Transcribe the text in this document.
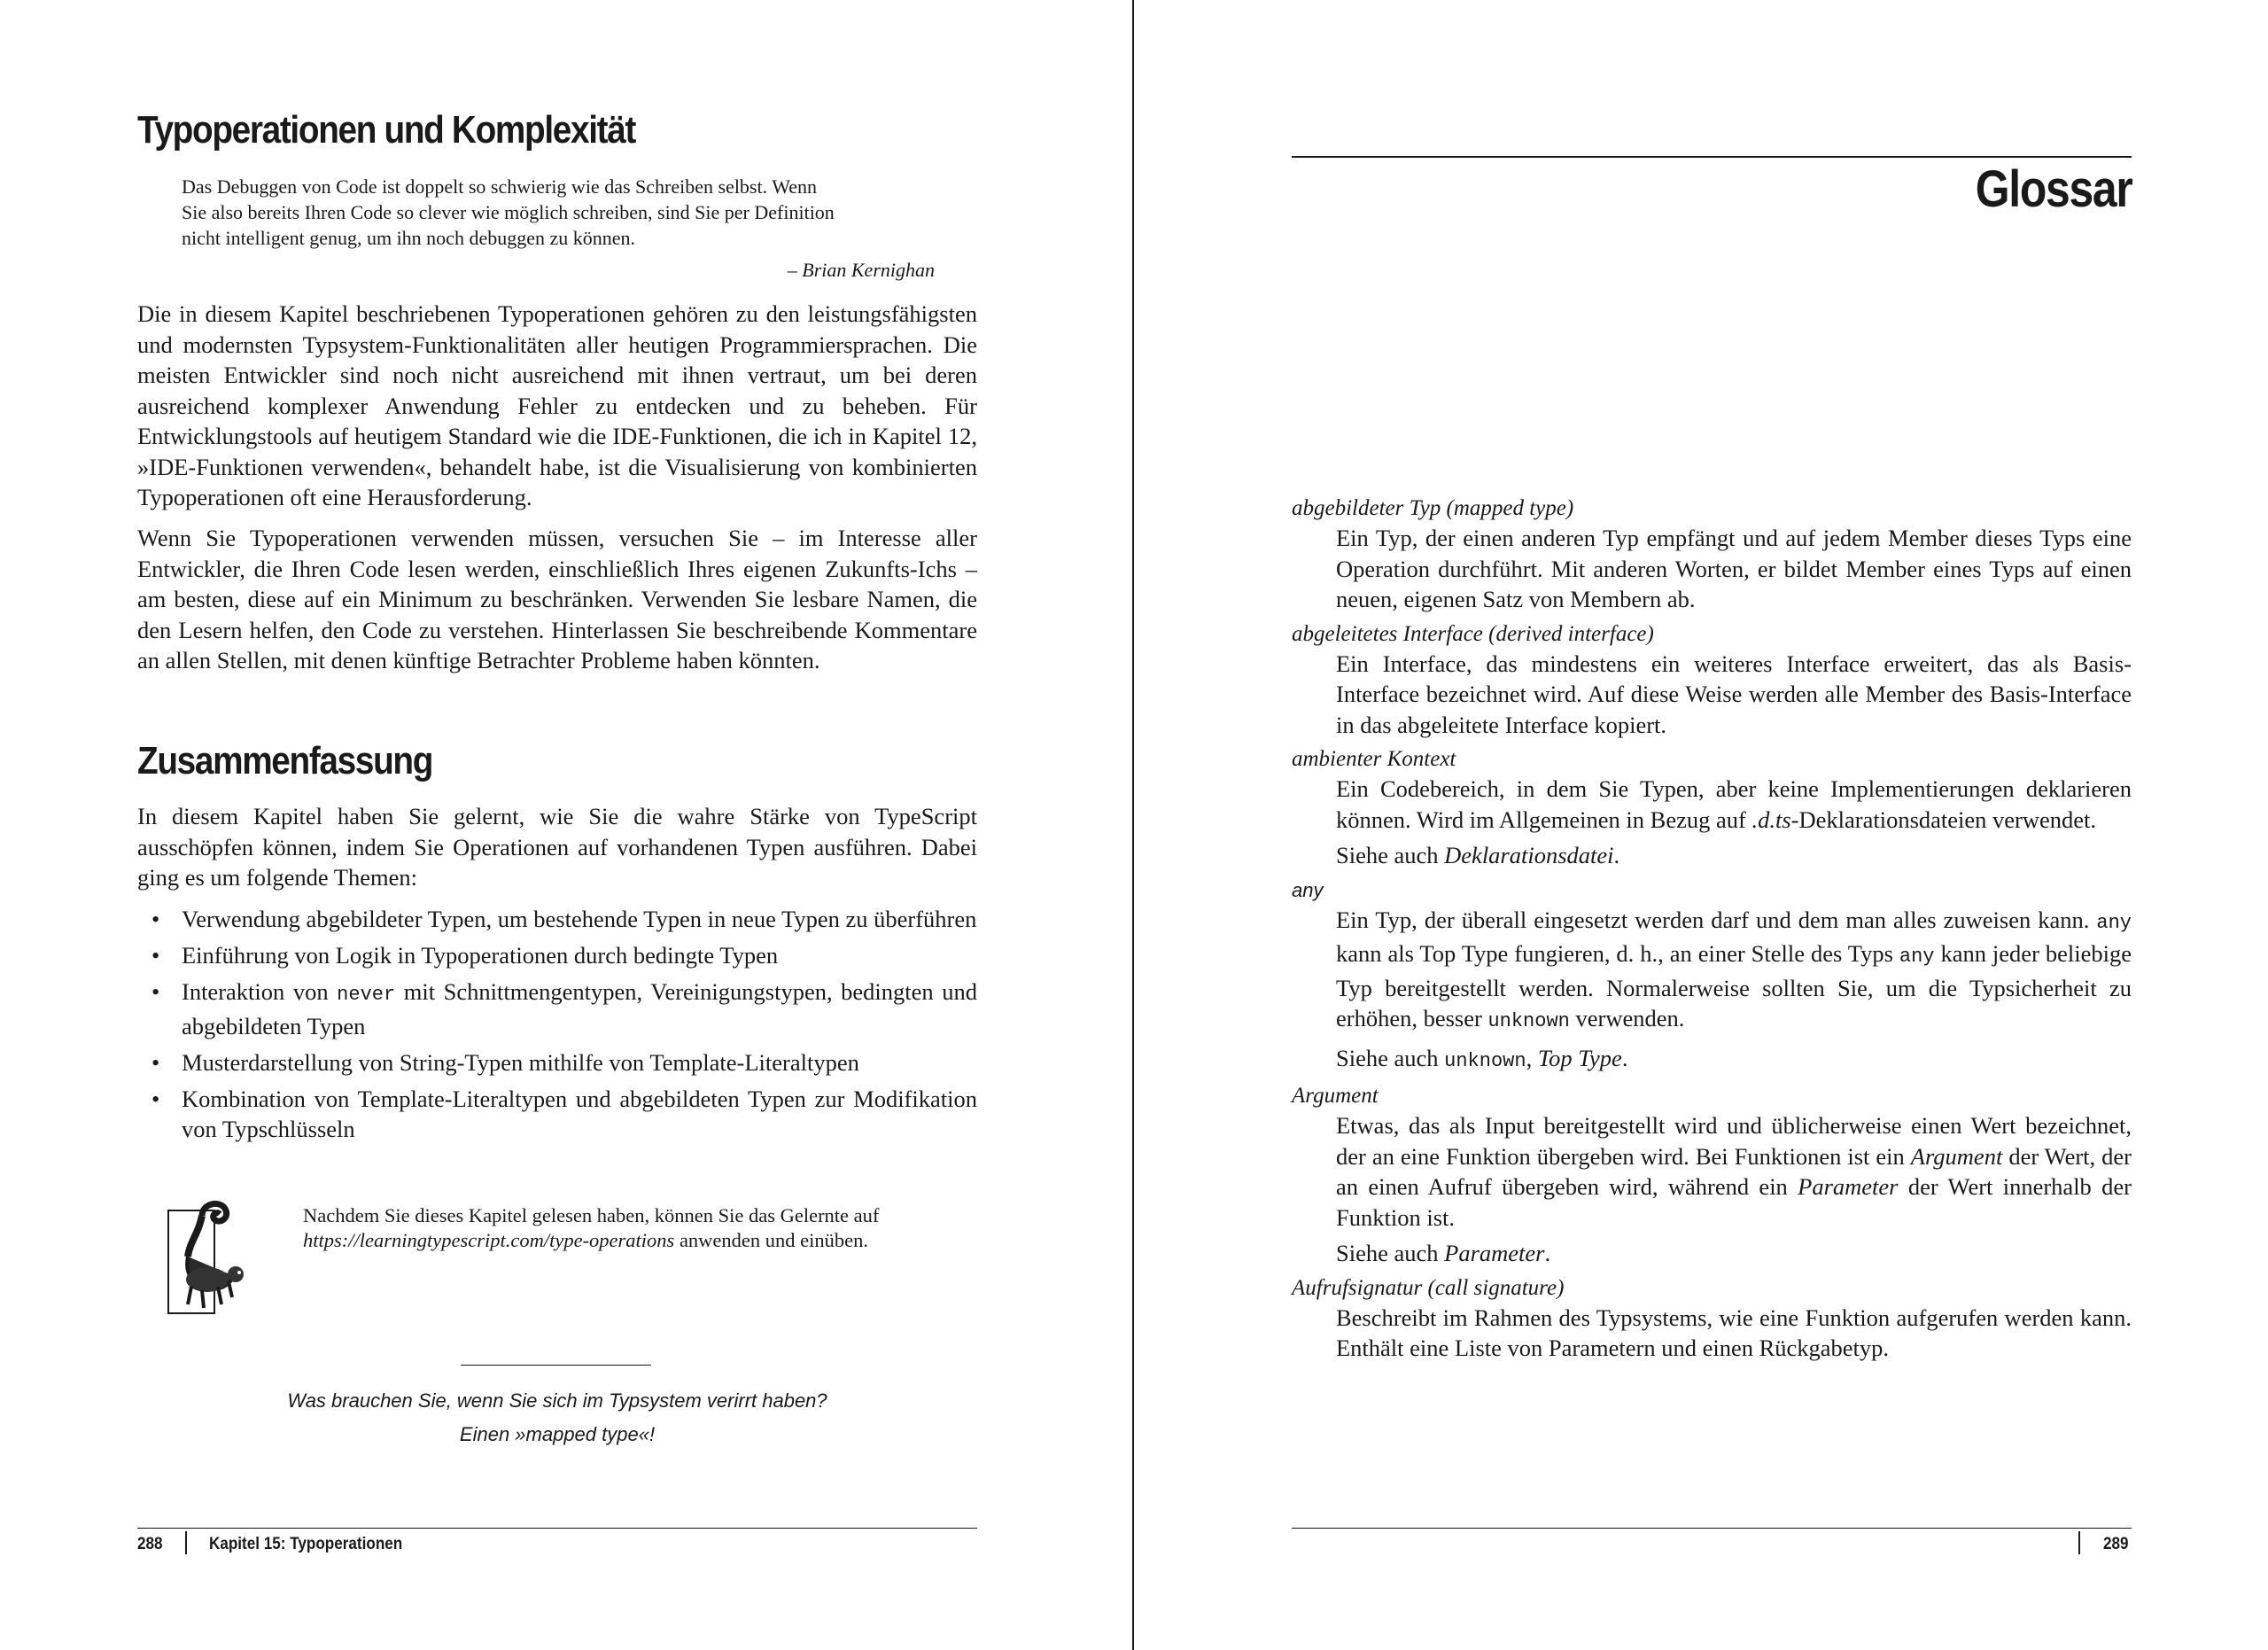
Typoperationen und Komplexität
Das Debuggen von Code ist doppelt so schwierig wie das Schreiben selbst. Wenn
Sie also bereits Ihren Code so clever wie möglich schreiben, sind Sie per Definition
nicht intelligent genug, um ihn noch debuggen zu können.

– Brian Kernighan

Die in diesem Kapitel beschriebenen Typoperationen gehören zu den leistungsfähigsten und modernsten Typsystem-Funktionalitäten aller heutigen Programmiersprachen. Die meisten Entwickler sind noch nicht ausreichend mit ihnen vertraut, um bei deren ausreichend komplexer Anwendung Fehler zu entdecken und zu beheben. Für Entwicklungstools auf heutigem Standard wie die IDE-Funktionen, die ich in Kapitel 12, »IDE-Funktionen verwenden«, behandelt habe, ist die Visualisierung von kombinierten Typoperationen oft eine Herausforderung.

Wenn Sie Typoperationen verwenden müssen, versuchen Sie – im Interesse aller Entwickler, die Ihren Code lesen werden, einschließlich Ihres eigenen Zukunfts-Ichs – am besten, diese auf ein Minimum zu beschränken. Verwenden Sie lesbare Namen, die den Lesern helfen, den Code zu verstehen. Hinterlassen Sie beschreibende Kommentare an allen Stellen, mit denen künftige Betrachter Probleme haben könnten.

Zusammenfassung

In diesem Kapitel haben Sie gelernt, wie Sie die wahre Stärke von TypeScript ausschöpfen können, indem Sie Operationen auf vorhandenen Typen ausführen. Dabei ging es um folgende Themen:

• Verwendung abgebildeter Typen, um bestehende Typen in neue Typen zu überführen
• Einführung von Logik in Typoperationen durch bedingte Typen
• Interaktion von never mit Schnittmengentypen, Vereinigungstypen, bedingten und abgebildeten Typen
• Musterdarstellung von String-Typen mithilfe von Template-Literaltypen
• Kombination von Template-Literaltypen und abgebildeten Typen zur Modifikation von Typschlüsseln

Nachdem Sie dieses Kapitel gelesen haben, können Sie das Gelernte auf https://learningtypescript.com/type-operations anwenden und einüben.

Was brauchen Sie, wenn Sie sich im Typsystem verirrt haben?

Einen »mapped type«!

288	Kapitel 15: Typoperationen

Glossar

abgebildeter Typ (mapped type)

Ein Typ, der einen anderen Typ empfängt und auf jedem Member dieses Typs eine Operation durchführt. Mit anderen Worten, er bildet Member eines Typs auf einen neuen, eigenen Satz von Membern ab.

abgeleitetes Interface (derived interface)

Ein Interface, das mindestens ein weiteres Interface erweitert, das als Basis-Interface bezeichnet wird. Auf diese Weise werden alle Member des Basis-Interface in das abgeleitete Interface kopiert.

ambienter Kontext

Ein Codebereich, in dem Sie Typen, aber keine Implementierungen deklarieren können. Wird im Allgemeinen in Bezug auf .d.ts-Deklarationsdateien verwendet.

Siehe auch Deklarationsdatei.

any

Ein Typ, der überall eingesetzt werden darf und dem man alles zuweisen kann. any kann als Top Type fungieren, d. h., an einer Stelle des Typs any kann jeder beliebige Typ bereitgestellt werden. Normalerweise sollten Sie, um die Typsicherheit zu erhöhen, besser unknown verwenden.

Siehe auch unknown, Top Type.

Argument

Etwas, das als Input bereitgestellt wird und üblicherweise einen Wert bezeichnet, der an eine Funktion übergeben wird. Bei Funktionen ist ein Argument der Wert, der an einen Aufruf übergeben wird, während ein Parameter der Wert innerhalb der Funktion ist.

Siehe auch Parameter.

Aufrufsignatur (call signature)

Beschreibt im Rahmen des Typsystems, wie eine Funktion aufgerufen werden kann. Enthält eine Liste von Parametern und einen Rückgabetyp.

289
